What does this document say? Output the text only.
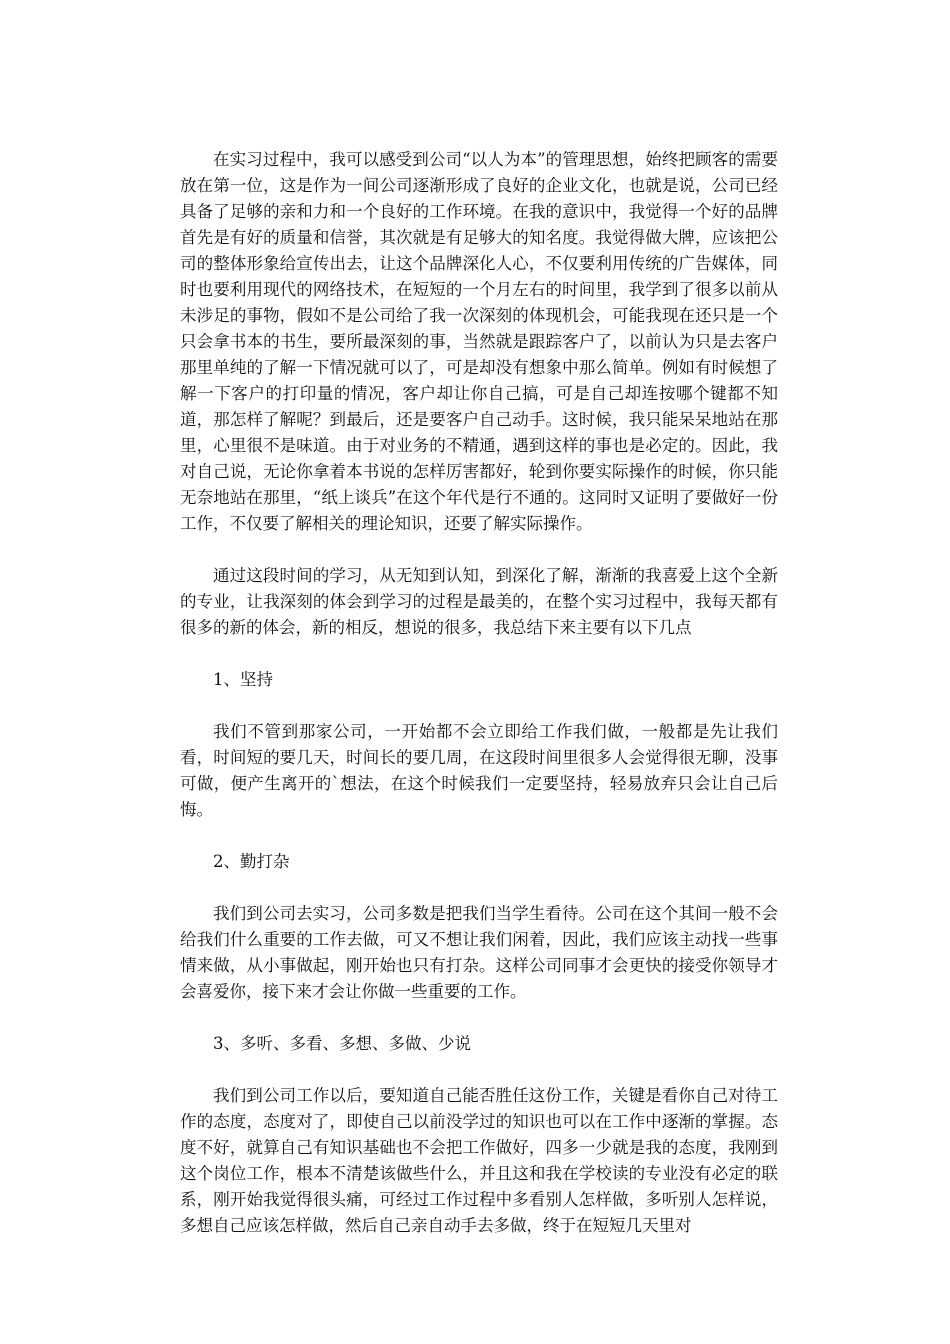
在实习过程中，我可以感受到公司“以人为本”的管理思想，始终把顾客的需要放在第一位，这是作为一间公司逐渐形成了良好的企业文化，也就是说，公司已经具备了足够的亲和力和一个良好的工作环境。在我的意识中，我觉得一个好的品牌首先是有好的质量和信誉，其次就是有足够大的知名度。我觉得做大牌，应该把公司的整体形象给宣传出去，让这个品牌深化人心，不仅要利用传统的广告媒体，同时也要利用现代的网络技术，在短短的一个月左右的时间里，我学到了很多以前从未涉足的事物，假如不是公司给了我一次深刻的体现机会，可能我现在还只是一个只会拿书本的书生，要所最深刻的事，当然就是跟踪客户了，以前认为只是去客户那里单纯的了解一下情况就可以了，可是却没有想象中那么简单。例如有时候想了解一下客户的打印量的情况，客户却让你自己搞，可是自己却连按哪个键都不知道，那怎样了解呢？到最后，还是要客户自己动手。这时候，我只能呆呆地站在那里，心里很不是味道。由于对业务的不精通，遇到这样的事也是必定的。因此，我对自己说，无论你拿着本书说的怎样厉害都好，轮到你要实际操作的时候，你只能无奈地站在那里，“纸上谈兵”在这个年代是行不通的。这同时又证明了要做好一份工作，不仅要了解相关的理论知识，还要了解实际操作。

通过这段时间的学习，从无知到认知，到深化了解，渐渐的我喜爱上这个全新的专业，让我深刻的体会到学习的过程是最美的，在整个实习过程中，我每天都有很多的新的体会，新的相反，想说的很多，我总结下来主要有以下几点

1、坚持

我们不管到那家公司，一开始都不会立即给工作我们做，一般都是先让我们看，时间短的要几天，时间长的要几周，在这段时间里很多人会觉得很无聊，没事可做，便产生离开的`想法，在这个时候我们一定要坚持，轻易放弃只会让自己后悔。

2、勤打杂

我们到公司去实习，公司多数是把我们当学生看待。公司在这个其间一般不会给我们什么重要的工作去做，可又不想让我们闲着，因此，我们应该主动找一些事情来做，从小事做起，刚开始也只有打杂。这样公司同事才会更快的接受你领导才会喜爱你，接下来才会让你做一些重要的工作。

3、多听、多看、多想、多做、少说

我们到公司工作以后，要知道自己能否胜任这份工作，关键是看你自己对待工作的态度，态度对了，即使自己以前没学过的知识也可以在工作中逐渐的掌握。态度不好，就算自己有知识基础也不会把工作做好，四多一少就是我的态度，我刚到这个岗位工作，根本不清楚该做些什么，并且这和我在学校读的专业没有必定的联系，刚开始我觉得很头痛，可经过工作过程中多看别人怎样做，多听别人怎样说，多想自己应该怎样做，然后自己亲自动手去多做，终于在短短几天里对
